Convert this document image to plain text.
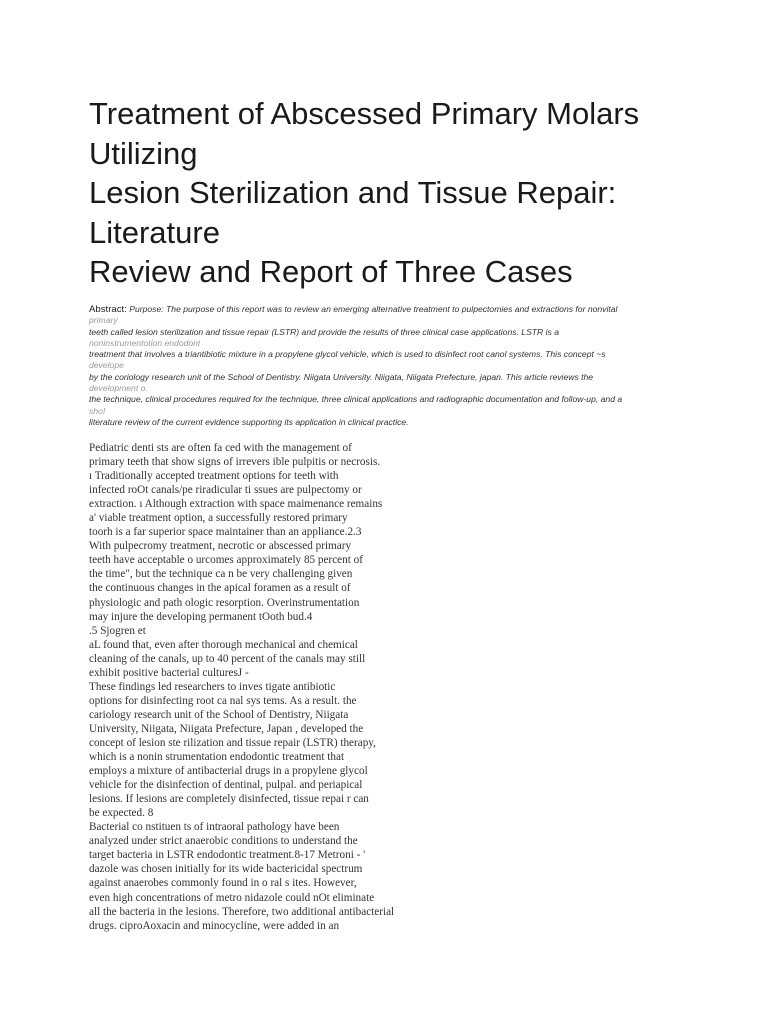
Treatment of Abscessed Primary Molars
Utilizing
Lesion Sterilization and Tissue Repair:
Literature
Review and Report of Three Cases
Abstract: Purpose: The purpose of this report was to review an emerging alternative treatment to pulpectomies and extractions for nonvital
primary
teeth called lesion sterilization and tissue repair (LSTR) and provide the results of three clinical case applications. LSTR is a
noninstrumentotion endodont
treatment that involves a triantibiotic mixture in a propylene glycol vehicle, which is used to disinfect root canol systems. This concept ~s
develope
by the coriology research unit of the School of Dentistry. Niigata University. Niigata, Niigata Prefecture, japan. This article reviews the
development o.
the technique, clinical procedures required for the technique, three clinical applications and radiographic documentation and follow-up, and a
sho!
literature review of the current evidence supporting its application in clinical practice.
Pediatric denti sts are often fa ced with the management of
primary teeth that show signs of irrevers ible pulpitis or necrosis.
ı Traditionally accepted treatment options for teeth with
infected roOt canals/pe riradicular ti ssues are pulpectomy or
extraction. ı Although extraction with space maimenance remains
a' viable treatment option, a successfully restored primary
toorh is a far superior space maintainer than an appliance.2.3
With pulpecromy treatment, necrotic or abscessed primary
teeth have acceptable o urcomes approximately 85 percent of
the time", but the technique ca n be very challenging given
the continuous changes in the apical foramen as a result of
physiologic and path ologic resorption. Overinstrumentation
may injure the developing permanent tOoth bud.4
.5 Sjogren et
aL found that, even after thorough mechanical and chemical
cleaning of the canals, up to 40 percent of the canals may still
exhibit positive bacterial culturesJ -
These findings led researchers to inves tigate antibiotic
options for disinfecting root ca nal sys tems. As a result. the
cariology research unit of the School of Dentistry, Niigata
University, Niigata, Niigata Prefecture, Japan , developed the
concept of lesion ste rilization and tissue repair (LSTR) therapy,
which is a nonin strumentation endodontic treatment that
employs a mixture of antibacterial drugs in a propylene glycol
vehicle for the disinfection of dentinal, pulpal. and periapical
lesions. If lesions are completely disinfected, tissue repai r can
be expected. 8
Bacterial co nstituen ts of intraoral pathology have been
analyzed under strict anaerobic conditions to understand the
target bacteria in LSTR endodontic treatment.8-17 Metroni - '
dazole was chosen initially for its wide bactericidal spectrum
against anaerobes commonly found in o ral s ites. However,
even high concentrations of metro nidazole could nOt eliminate
all the bacteria in the lesions. Therefore, two additional antibacterial
drugs. ciproAoxacin and minocycline, were added in an
